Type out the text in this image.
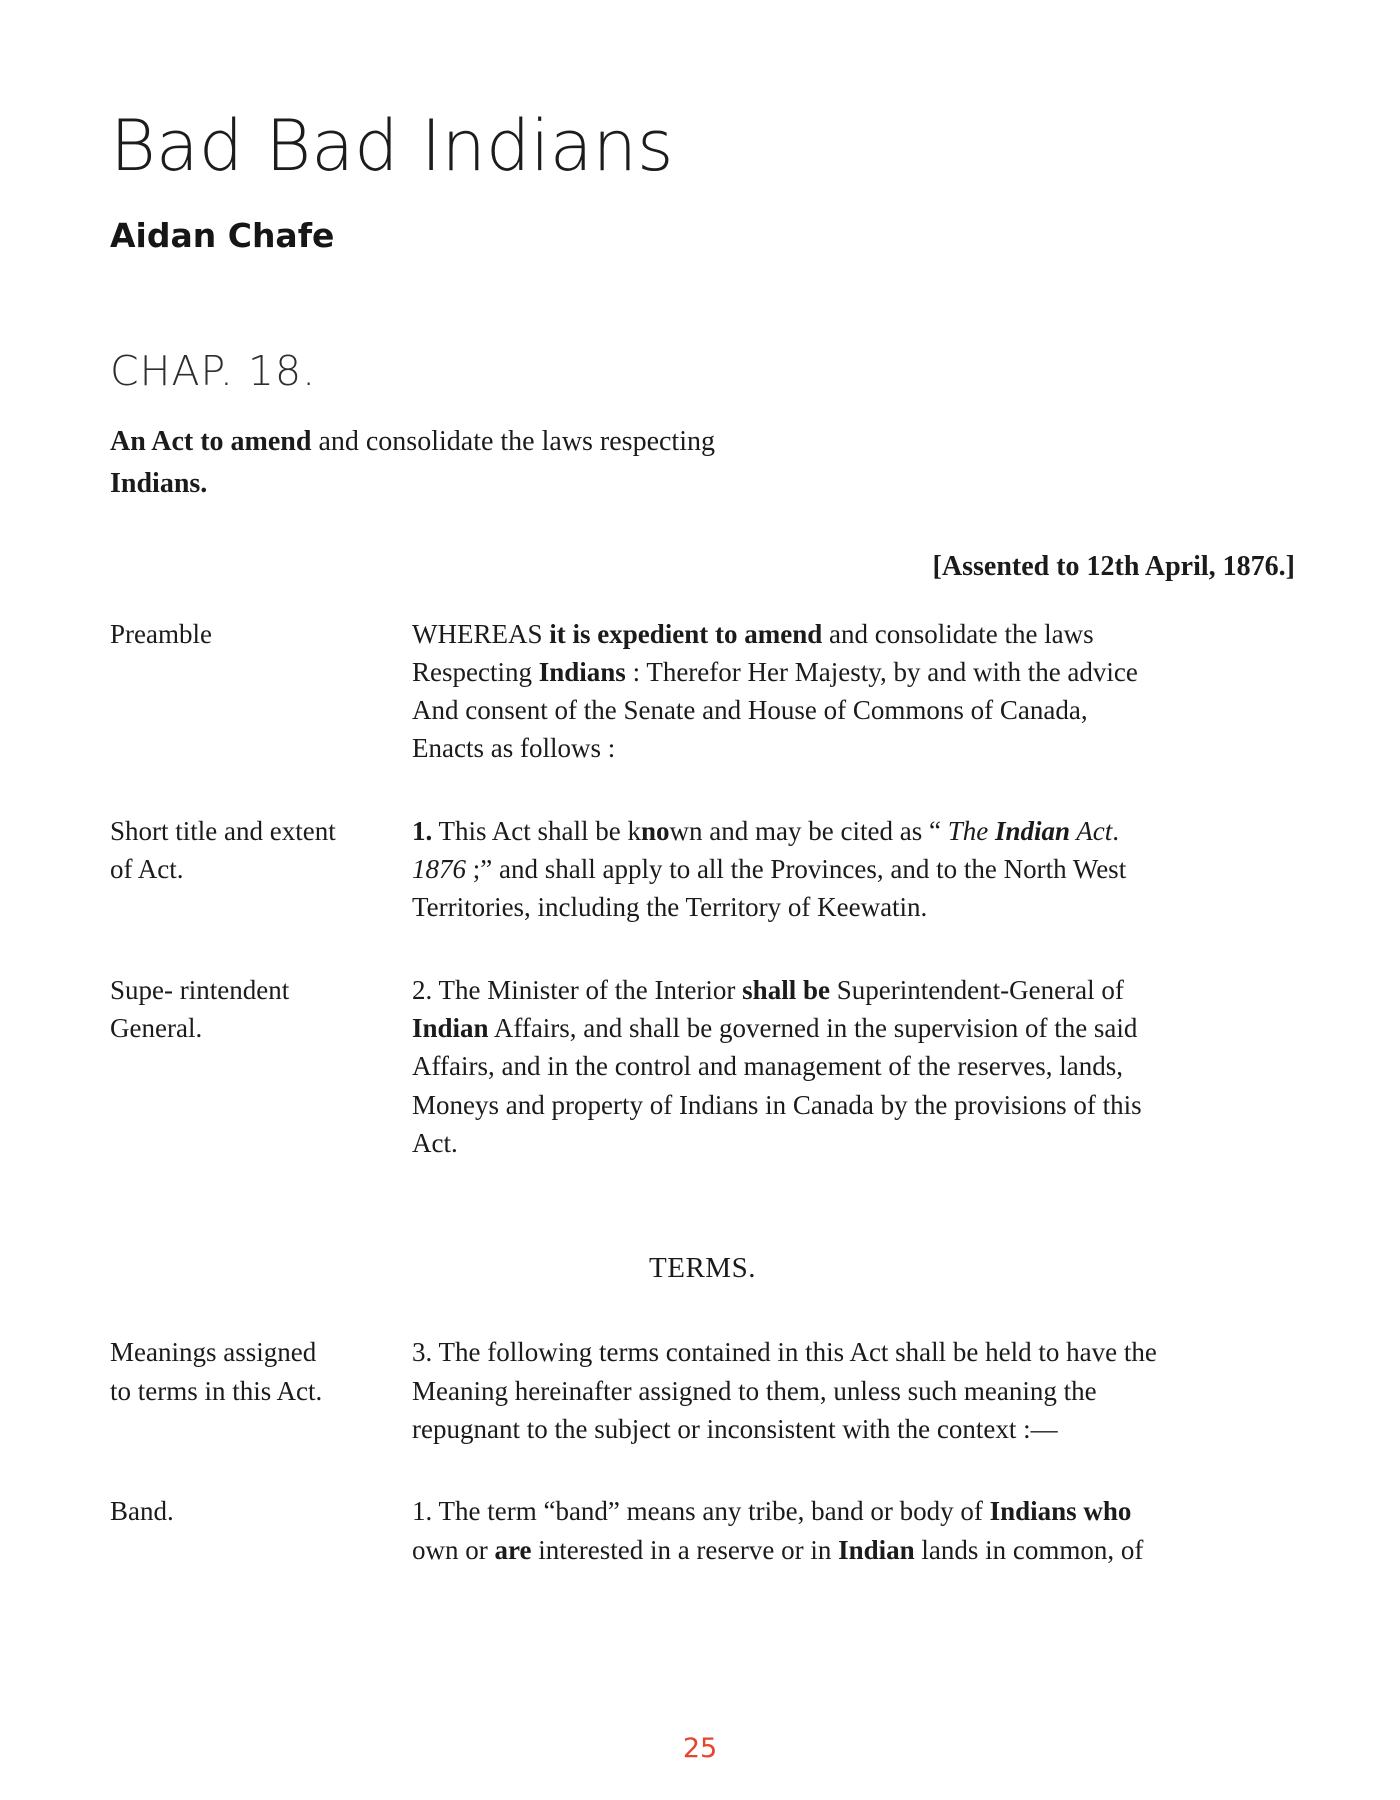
Bad Bad Indians
Aidan Chafe
CHAP. 18.
An Act to amend and consolidate the laws respecting
Indians.
[Assented to 12th April, 1876.]
Preamble	WHEREAS it is expedient to amend and consolidate the laws
Respecting Indians : Therefor Her Majesty, by and with the advice
And consent of the Senate and House of Commons of Canada,
Enacts as follows :
Short title and extent
of Act.
1. This Act shall be known and may be cited as “ The Indian Act.
1876 ;” and shall apply to all the Provinces, and to the North West
Territories, including the Territory of Keewatin.
Supe- rintendent
General.
2. The Minister of the Interior shall be Superintendent-General of
Indian Affairs, and shall be governed in the supervision of the said
Affairs, and in the control and management of the reserves, lands,
Moneys and property of Indians in Canada by the provisions of this
Act.
TERMS.
Meanings assigned
to terms in this Act.
3. The following terms contained in this Act shall be held to have the
Meaning hereinafter assigned to them, unless such meaning the
repugnant to the subject or inconsistent with the context :—
Band.	1. The term “band” means any tribe, band or body of Indians who
own or are interested in a reserve or in Indian lands in common, of
25
